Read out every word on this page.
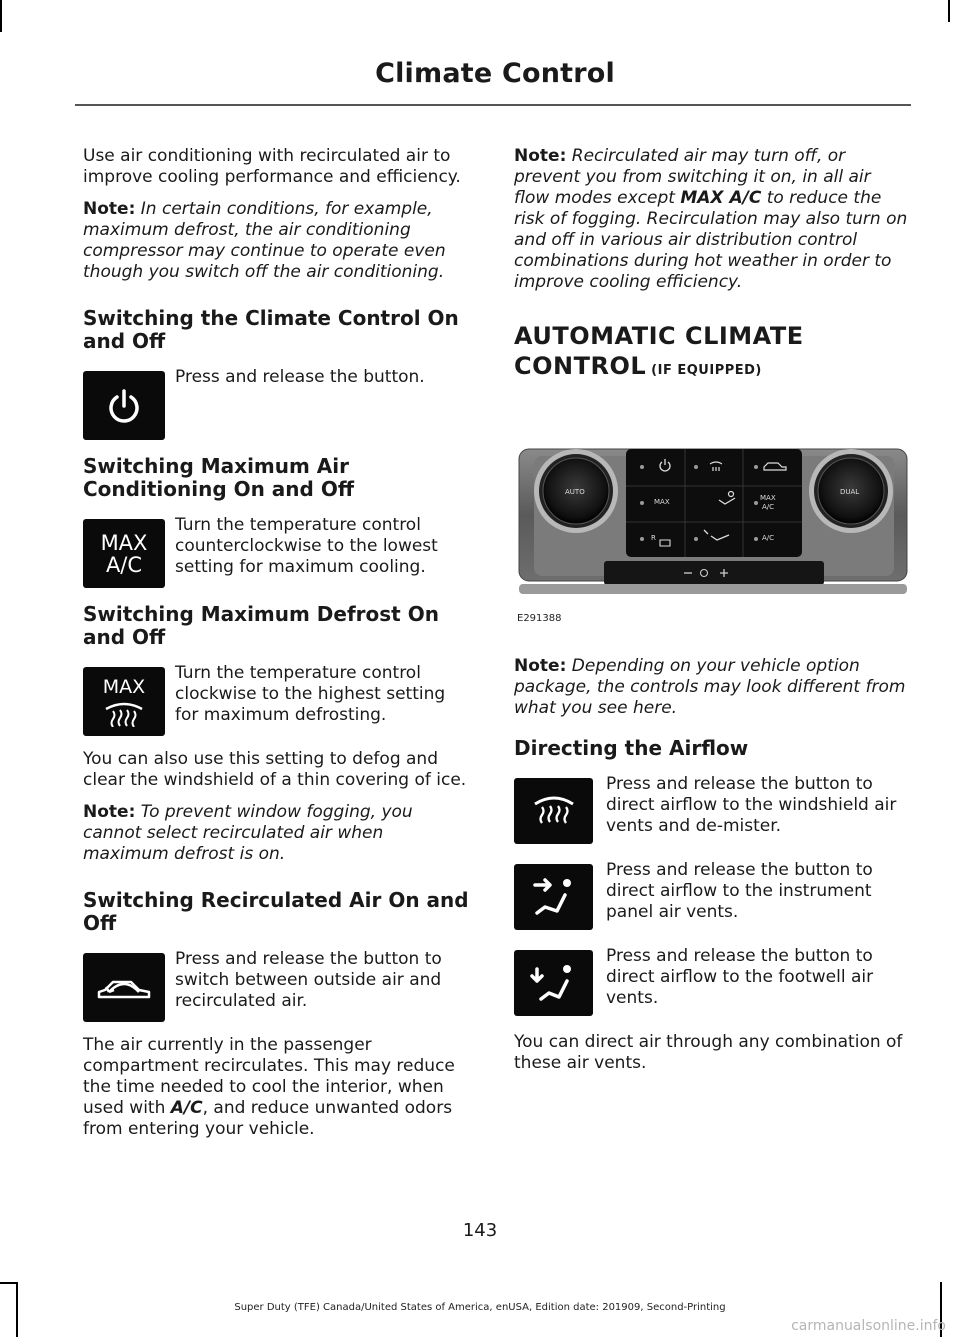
Climate Control

Use air conditioning with recirculated air to improve cooling performance and efficiency.

Note: In certain conditions, for example, maximum defrost, the air conditioning compressor may continue to operate even though you switch off the air conditioning.

Switching the Climate Control On and Off
Press and release the button.
Switching Maximum Air Conditioning On and Off
MAX
A/C
Turn the temperature control counterclockwise to the lowest setting for maximum cooling.
Switching Maximum Defrost On and Off
MAX
Turn the temperature control clockwise to the highest setting for maximum defrosting.

You can also use this setting to defog and clear the windshield of a thin covering of ice.

Note: To prevent window fogging, you cannot select recirculated air when maximum defrost is on.

Switching Recirculated Air On and Off
Press and release the button to switch between outside air and recirculated air.

The air currently in the passenger compartment recirculates. This may reduce the time needed to cool the interior, when used with A/C, and reduce unwanted odors from entering your vehicle.

Note: Recirculated air may turn off, or prevent you from switching it on, in all air flow modes except MAX A/C to reduce the risk of fogging. Recirculation may also turn on and off in various air distribution control combinations during hot weather in order to improve cooling efficiency.

AUTOMATIC CLIMATE
CONTROL (IF EQUIPPED)
AUTO	DUAL
MAX	MAX
A/C
A/C
R
E291388

Note: Depending on your vehicle option package, the controls may look different from what you see here.

Directing the Airflow
Press and release the button to direct airflow to the windshield air vents and de-mister.
Press and release the button to direct airflow to the instrument panel air vents.
Press and release the button to direct airflow to the footwell air vents.

You can direct air through any combination of these air vents.

143
Super Duty (TFE) Canada/United States of America, enUSA, Edition date: 201909, Second-Printing
carmanualsonline.info
